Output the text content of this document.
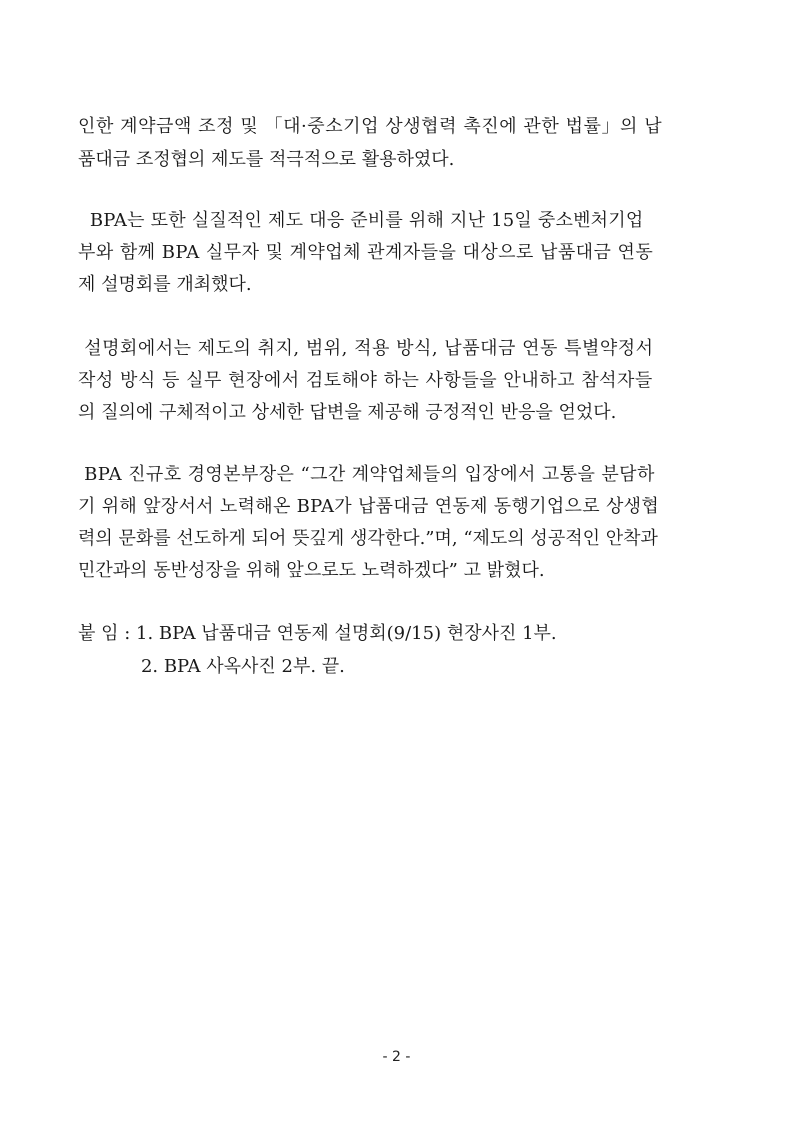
인한 계약금액 조정 및 「대·중소기업 상생협력 촉진에 관한 법률」의 납
품대금 조정협의 제도를 적극적으로 활용하였다.
BPA는 또한 실질적인 제도 대응 준비를 위해 지난 15일 중소벤처기업
부와 함께 BPA 실무자 및 계약업체 관계자들을 대상으로 납품대금 연동
제 설명회를 개최했다.
설명회에서는 제도의 취지, 범위, 적용 방식, 납품대금 연동 특별약정서
작성 방식 등 실무 현장에서 검토해야 하는 사항들을 안내하고 참석자들
의 질의에 구체적이고 상세한 답변을 제공해 긍정적인 반응을 얻었다.
BPA 진규호 경영본부장은 “그간 계약업체들의 입장에서 고통을 분담하
기 위해 앞장서서 노력해온 BPA가 납품대금 연동제 동행기업으로 상생협
력의 문화를 선도하게 되어 뜻깊게 생각한다.”며, “제도의 성공적인 안착과
민간과의 동반성장을 위해 앞으로도 노력하겠다” 고 밝혔다.
붙 임 : 1. BPA 납품대금 연동제 설명회(9/15) 현장사진 1부.
2. BPA 사옥사진 2부. 끝.
- 2 -
